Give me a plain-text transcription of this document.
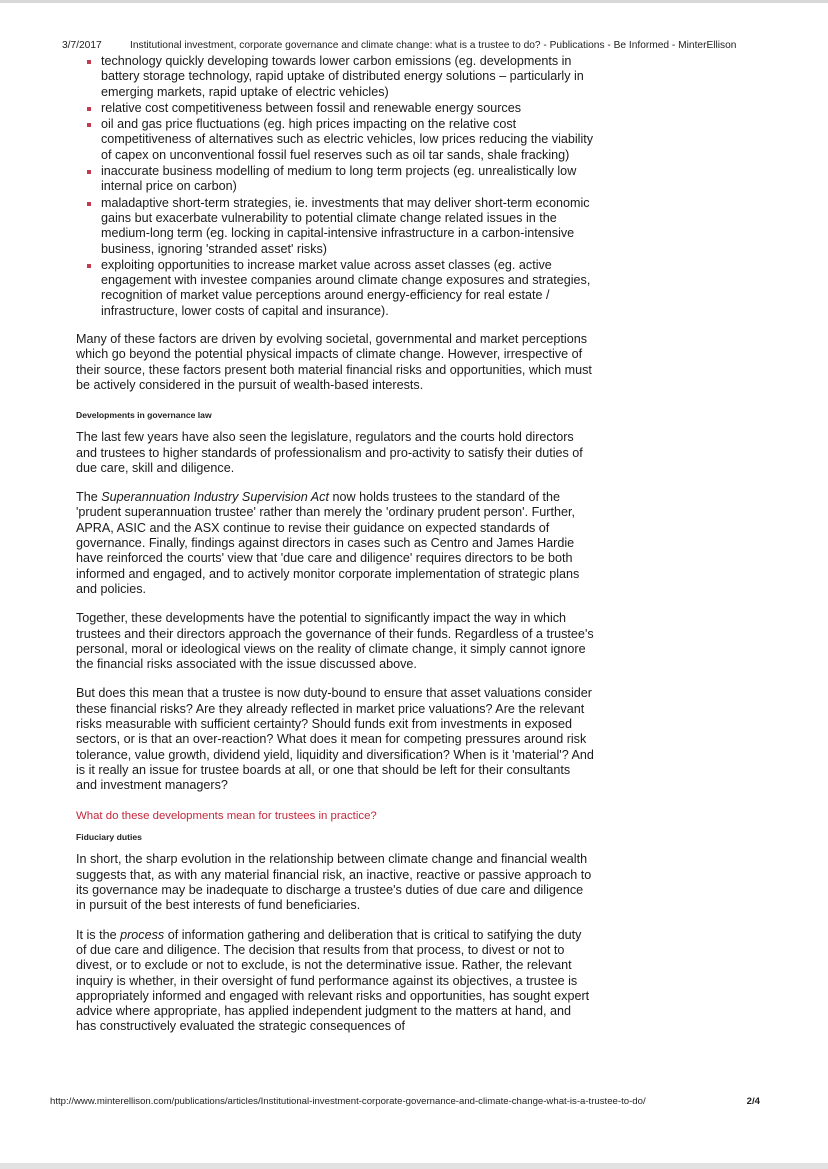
3/7/2017	Institutional investment, corporate governance and climate change: what is a trustee to do? - Publications - Be Informed - MinterEllison
technology quickly developing towards lower carbon emissions (eg. developments in battery storage technology, rapid uptake of distributed energy solutions – particularly in emerging markets, rapid uptake of electric vehicles)
relative cost competitiveness between fossil and renewable energy sources
oil and gas price fluctuations (eg. high prices impacting on the relative cost competitiveness of alternatives such as electric vehicles, low prices reducing the viability of capex on unconventional fossil fuel reserves such as oil tar sands, shale fracking)
inaccurate business modelling of medium to long term projects (eg. unrealistically low internal price on carbon)
maladaptive short-term strategies, ie. investments that may deliver short-term economic gains but exacerbate vulnerability to potential climate change related issues in the medium-long term (eg. locking in capital-intensive infrastructure in a carbon-intensive business, ignoring 'stranded asset' risks)
exploiting opportunities to increase market value across asset classes (eg. active engagement with investee companies around climate change exposures and strategies, recognition of market value perceptions around energy-efficiency for real estate / infrastructure, lower costs of capital and insurance).

Many of these factors are driven by evolving societal, governmental and market perceptions which go beyond the potential physical impacts of climate change. However, irrespective of their source, these factors present both material financial risks and opportunities, which must be actively considered in the pursuit of wealth-based interests.

Developments in governance law

The last few years have also seen the legislature, regulators and the courts hold directors and trustees to higher standards of professionalism and pro-activity to satisfy their duties of due care, skill and diligence.

The Superannuation Industry Supervision Act now holds trustees to the standard of the 'prudent superannuation trustee' rather than merely the 'ordinary prudent person'. Further, APRA, ASIC and the ASX continue to revise their guidance on expected standards of governance. Finally, findings against directors in cases such as Centro and James Hardie have reinforced the courts' view that 'due care and diligence' requires directors to be both informed and engaged, and to actively monitor corporate implementation of strategic plans and policies.

Together, these developments have the potential to significantly impact the way in which trustees and their directors approach the governance of their funds. Regardless of a trustee's personal, moral or ideological views on the reality of climate change, it simply cannot ignore the financial risks associated with the issue discussed above.

But does this mean that a trustee is now duty-bound to ensure that asset valuations consider these financial risks? Are they already reflected in market price valuations? Are the relevant risks measurable with sufficient certainty? Should funds exit from investments in exposed sectors, or is that an over-reaction? What does it mean for competing pressures around risk tolerance, value growth, dividend yield, liquidity and diversification? When is it 'material'? And is it really an issue for trustee boards at all, or one that should be left for their consultants and investment managers?

What do these developments mean for trustees in practice?
Fiduciary duties

In short, the sharp evolution in the relationship between climate change and financial wealth suggests that, as with any material financial risk, an inactive, reactive or passive approach to its governance may be inadequate to discharge a trustee's duties of due care and diligence in pursuit of the best interests of fund beneficiaries.

It is the process of information gathering and deliberation that is critical to satifying the duty of due care and diligence. The decision that results from that process, to divest or not to divest, or to exclude or not to exclude, is not the determinative issue. Rather, the relevant inquiry is whether, in their oversight of fund performance against its objectives, a trustee is appropriately informed and engaged with relevant risks and opportunities, has sought expert advice where appropriate, has applied independent judgment to the matters at hand, and has constructively evaluated the strategic consequences of

http://www.minterellison.com/publications/articles/Institutional-investment-corporate-governance-and-climate-change-what-is-a-trustee-to-do/	2/4
